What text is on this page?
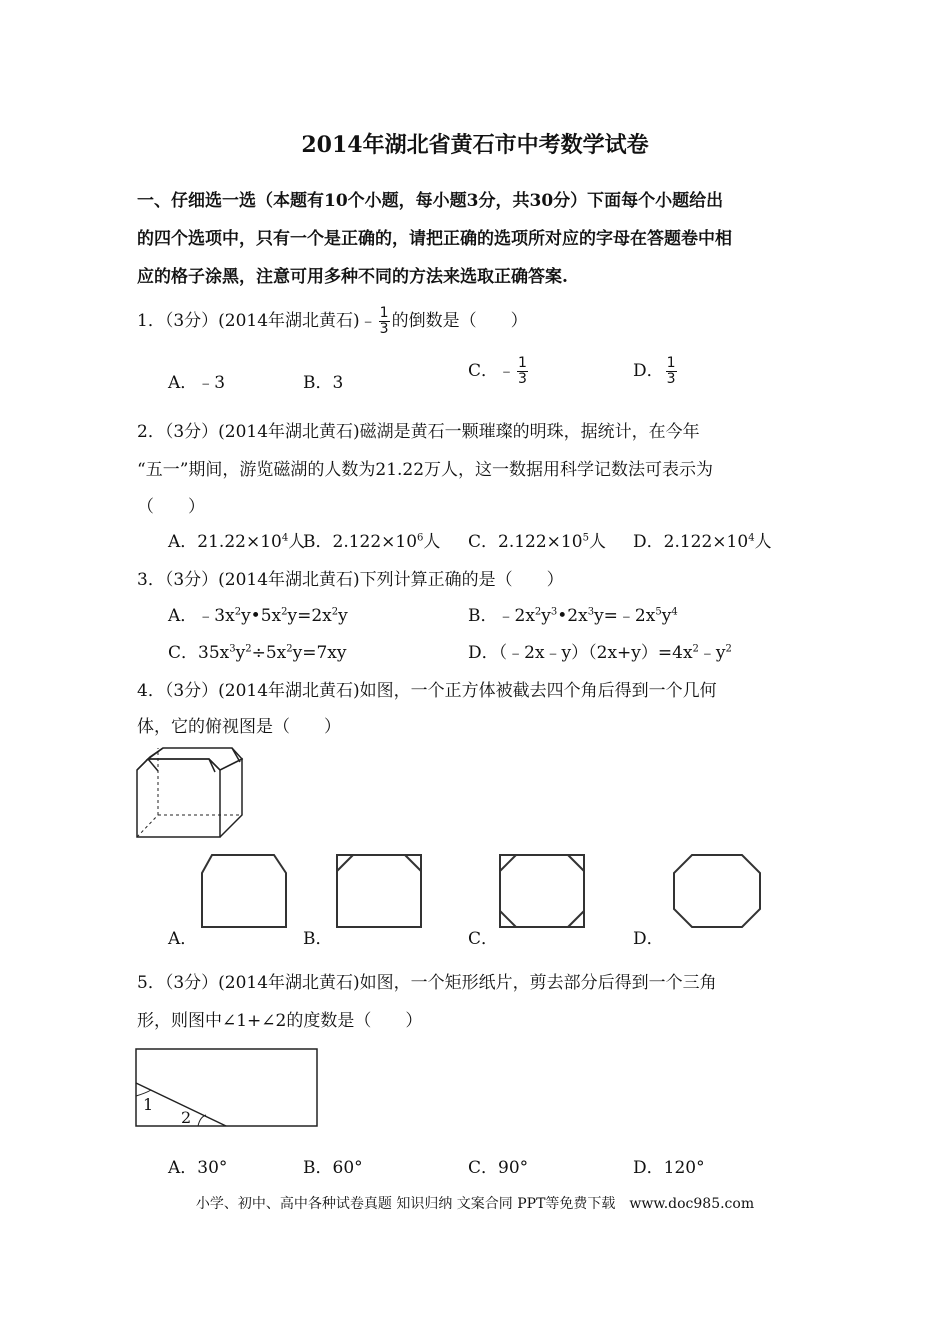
2014年湖北省黄石市中考数学试卷
一、仔细选一选（本题有10个小题，每小题3分，共30分）下面每个小题给出
的四个选项中，只有一个是正确的，请把正确的选项所对应的字母在答题卷中相
应的格子涂黑，注意可用多种不同的方法来选取正确答案.
1．（3分）(2014年湖北黄石)﹣ $\frac{1}{3}$ 的倒数是（　　）
A．﹣3	B．3
C．﹣ $\frac{1}{3}$	D． $\frac{1}{3}$
2．（3分）(2014年湖北黄石)磁湖是黄石一颗璀璨的明珠，据统计，在今年
“五一”期间，游览磁湖的人数为21.22万人，这一数据用科学记数法可表示为
（　　）
A．$21.22\times 10^4$人
B．$2.122\times 10^6$人 C．$2.122\times 10^5$人 D．$2.122\times 10^4$人
3．（3分）(2014年湖北黄石)下列计算正确的是（　　）
A．$﹣3x^2y•5x^2y=2x^2y$	B．$﹣2x^2y^3•2x^3y=﹣2x^5y^4$
C．$35x^3y^2\div 5x^2y=7xy$	D．$(﹣2x﹣y)(2x+y)=4x^2﹣y^2$
4．（3分）(2014年湖北黄石)如图，一个正方体被截去四个角后得到一个几何
体，它的俯视图是（　　）
A．	B．	C．	D．
5．（3分）(2014年湖北黄石)如图，一个矩形纸片，剪去部分后得到一个三角
形，则图中∠1+∠2的度数是（　　）
1
2
A．30°	B．60°	C．90°	D．120°
小学、初中、高中各种试卷真题 知识归纳 文案合同 PPT等免费下载　www.doc985.com
